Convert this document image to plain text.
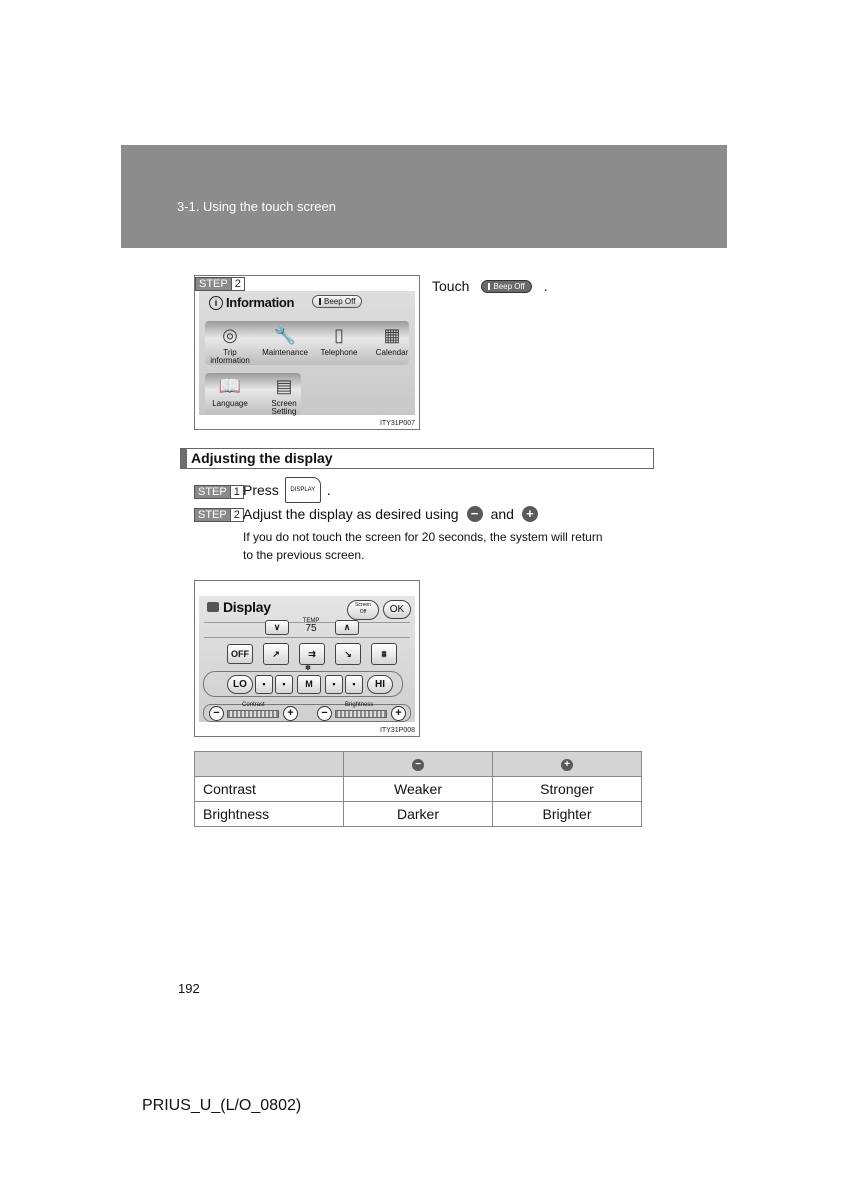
3-1. Using the touch screen
STEP 2
i Information	Beep Off
◎
Trip
information
🔧
Maintenance
▯
Telephone
▦
Calendar
📖
Language
▤
Screen
Setting
ITY31P007
Touch	Beep Off .
Adjusting the display
STEP 1 Press	DISPLAY .
STEP 2 Adjust the display as desired using − and +
If you do not touch the screen for 20 seconds, the system will return
to the previous screen.
Display	Screen
Off	OK
∨
TEMP
75	∧
OFF	↗	⇉	↘	⩩
✽
LO	▪	▪	M	▪	▪	HI
Contrast
−	+
Brightness
−	+
ITY31P008
	−	+
Contrast	Weaker	Stronger
Brightness	Darker	Brighter
192
PRIUS_U_(L/O_0802)
